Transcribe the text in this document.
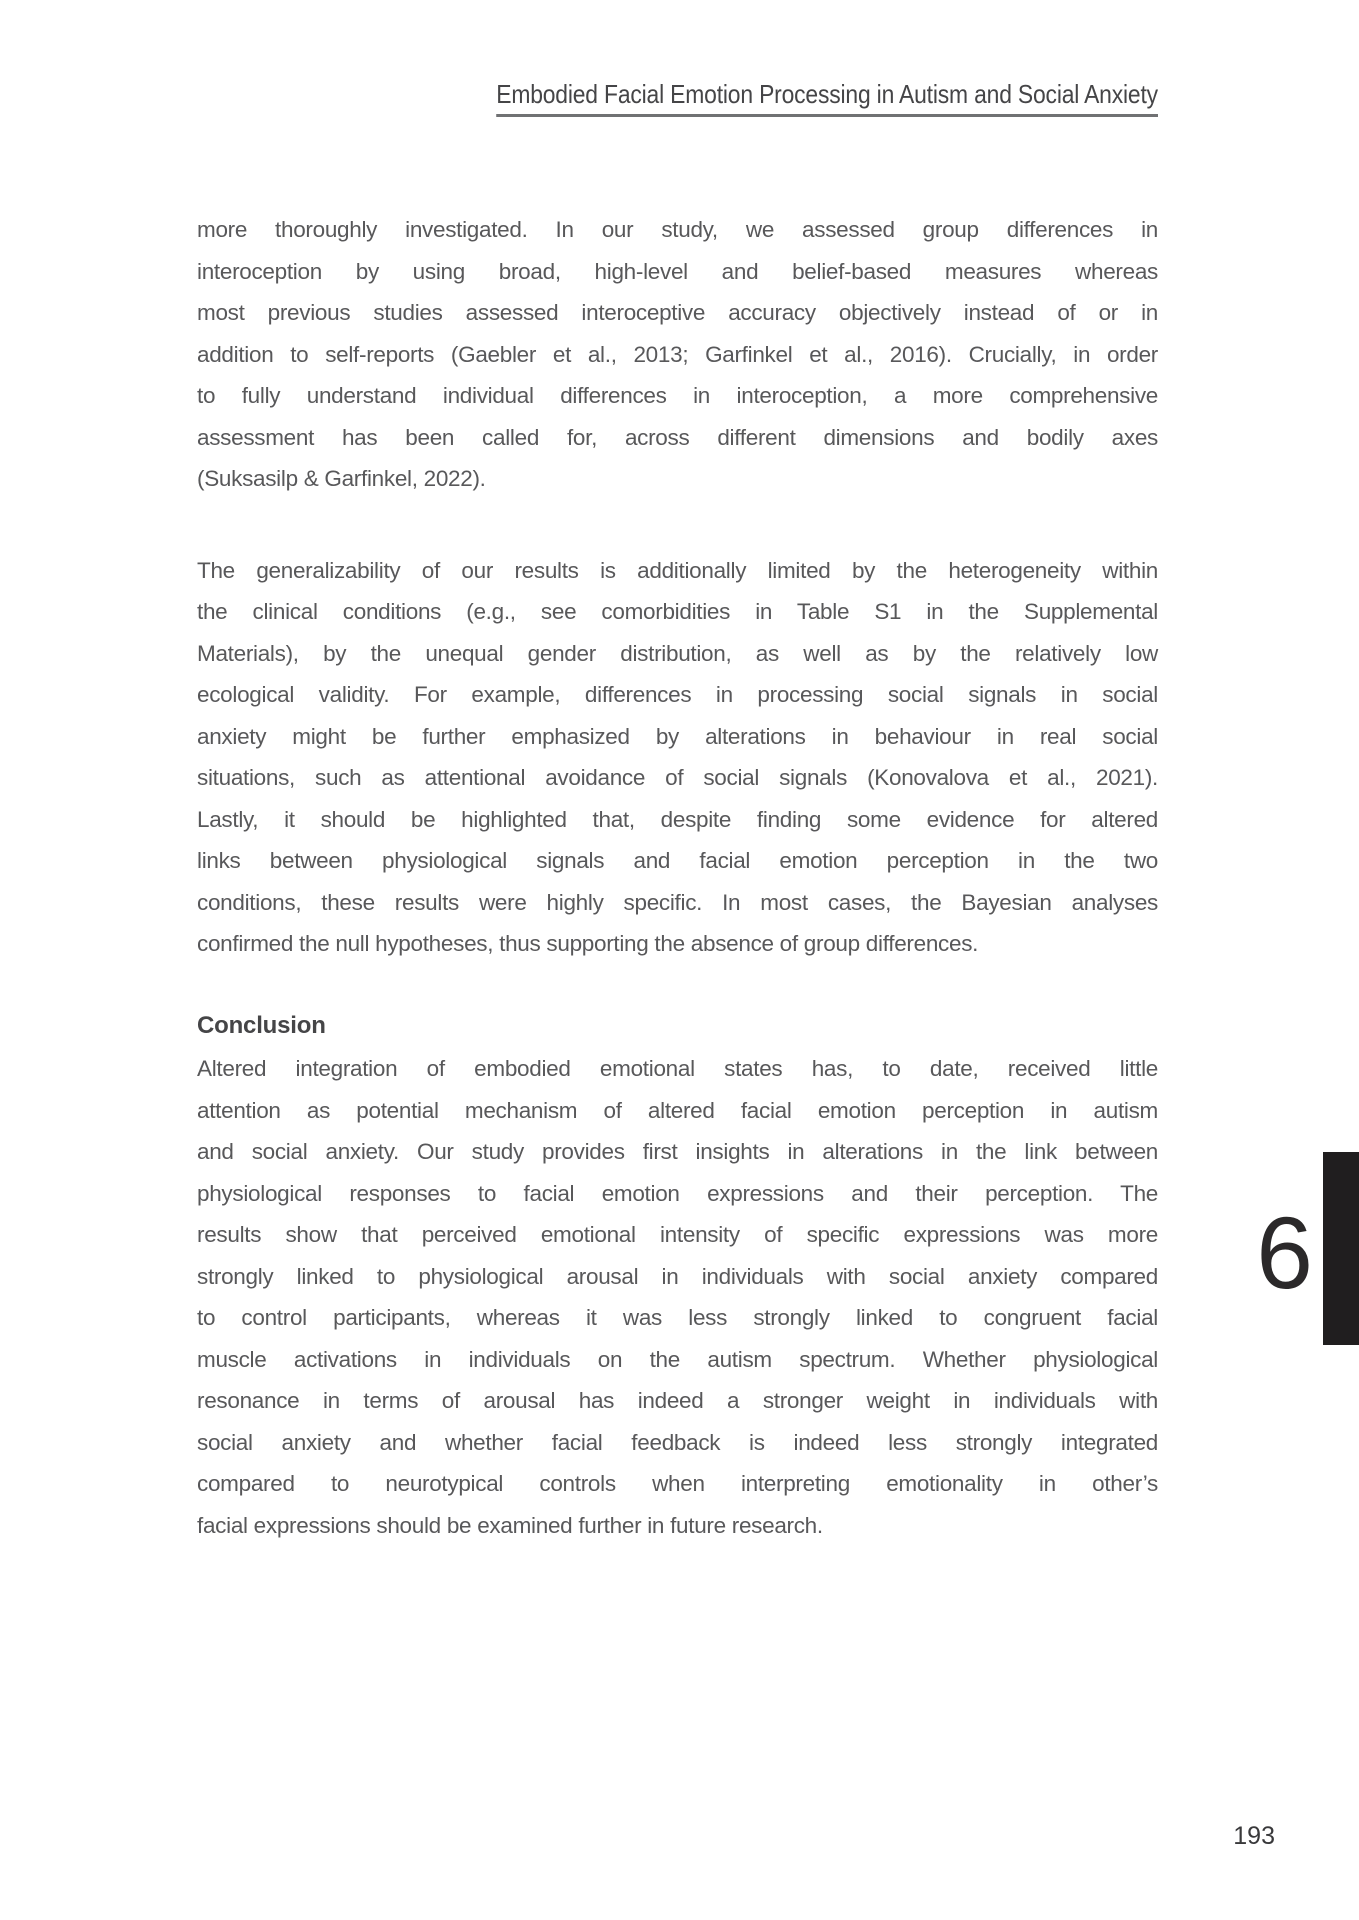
Embodied Facial Emotion Processing in Autism and Social Anxiety
more thoroughly investigated. In our study, we assessed group differences in
interoception by using broad, high-level and belief-based measures whereas
most previous studies assessed interoceptive accuracy objectively instead of or in
addition to self-reports (Gaebler et al., 2013; Garfinkel et al., 2016). Crucially, in order
to fully understand individual differences in interoception, a more comprehensive
assessment has been called for, across different dimensions and bodily axes
(Suksasilp & Garfinkel, 2022).
The generalizability of our results is additionally limited by the heterogeneity within
the clinical conditions (e.g., see comorbidities in Table S1 in the Supplemental
Materials), by the unequal gender distribution, as well as by the relatively low
ecological validity. For example, differences in processing social signals in social
anxiety might be further emphasized by alterations in behaviour in real social
situations, such as attentional avoidance of social signals (Konovalova et al., 2021).
Lastly, it should be highlighted that, despite finding some evidence for altered
links between physiological signals and facial emotion perception in the two
conditions, these results were highly specific. In most cases, the Bayesian analyses
confirmed the null hypotheses, thus supporting the absence of group differences.
Conclusion
Altered integration of embodied emotional states has, to date, received little
attention as potential mechanism of altered facial emotion perception in autism
and social anxiety. Our study provides first insights in alterations in the link between
physiological responses to facial emotion expressions and their perception. The
results show that perceived emotional intensity of specific expressions was more
strongly linked to physiological arousal in individuals with social anxiety compared
to control participants, whereas it was less strongly linked to congruent facial
muscle activations in individuals on the autism spectrum. Whether physiological
resonance in terms of arousal has indeed a stronger weight in individuals with
social anxiety and whether facial feedback is indeed less strongly integrated
compared to neurotypical controls when interpreting emotionality in other’s
facial expressions should be examined further in future research.
6
193
